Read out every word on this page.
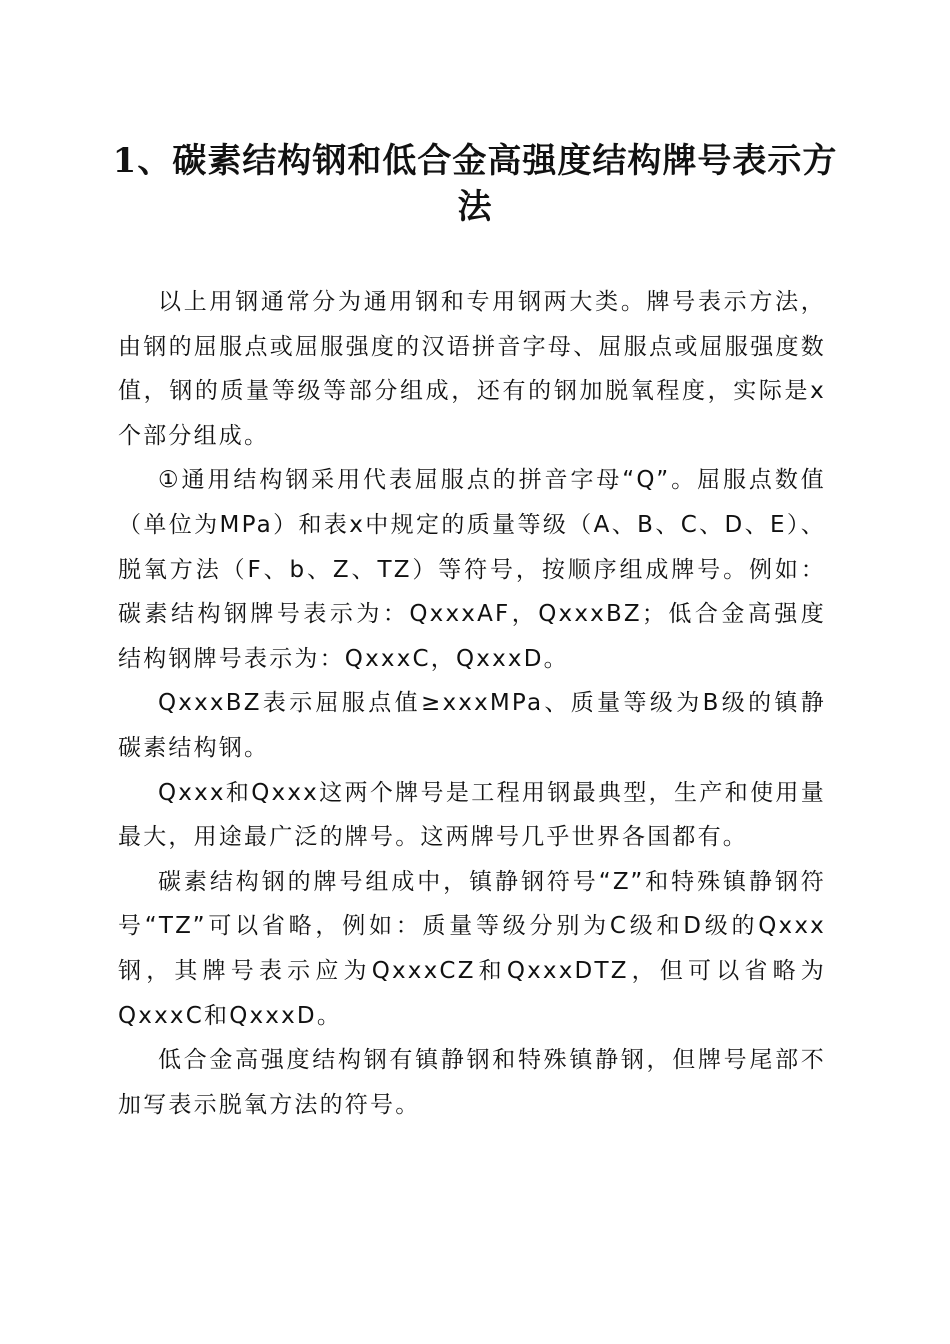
1、碳素结构钢和低合金高强度结构牌号表示方法

以上用钢通常分为通用钢和专用钢两大类。牌号表示方法，由钢的屈服点或屈服强度的汉语拼音字母、屈服点或屈服强度数值，钢的质量等级等部分组成，还有的钢加脱氧程度，实际是x个部分组成。

①通用结构钢采用代表屈服点的拼音字母“Q”。屈服点数值（单位为MPa）和表x中规定的质量等级（A、B、C、D、E）、脱氧方法（F、b、Z、TZ）等符号，按顺序组成牌号。例如：碳素结构钢牌号表示为：QxxxAF，QxxxBZ；低合金高强度结构钢牌号表示为：QxxxC，QxxxD。

QxxxBZ表示屈服点值≥xxxMPa、质量等级为B级的镇静碳素结构钢。

Qxxx和Qxxx这两个牌号是工程用钢最典型，生产和使用量最大，用途最广泛的牌号。这两牌号几乎世界各国都有。

碳素结构钢的牌号组成中，镇静钢符号“Z”和特殊镇静钢符号“TZ”可以省略，例如：质量等级分别为C级和D级的Qxxx钢，其牌号表示应为QxxxCZ和QxxxDTZ，但可以省略为QxxxC和QxxxD。

低合金高强度结构钢有镇静钢和特殊镇静钢，但牌号尾部不加写表示脱氧方法的符号。
